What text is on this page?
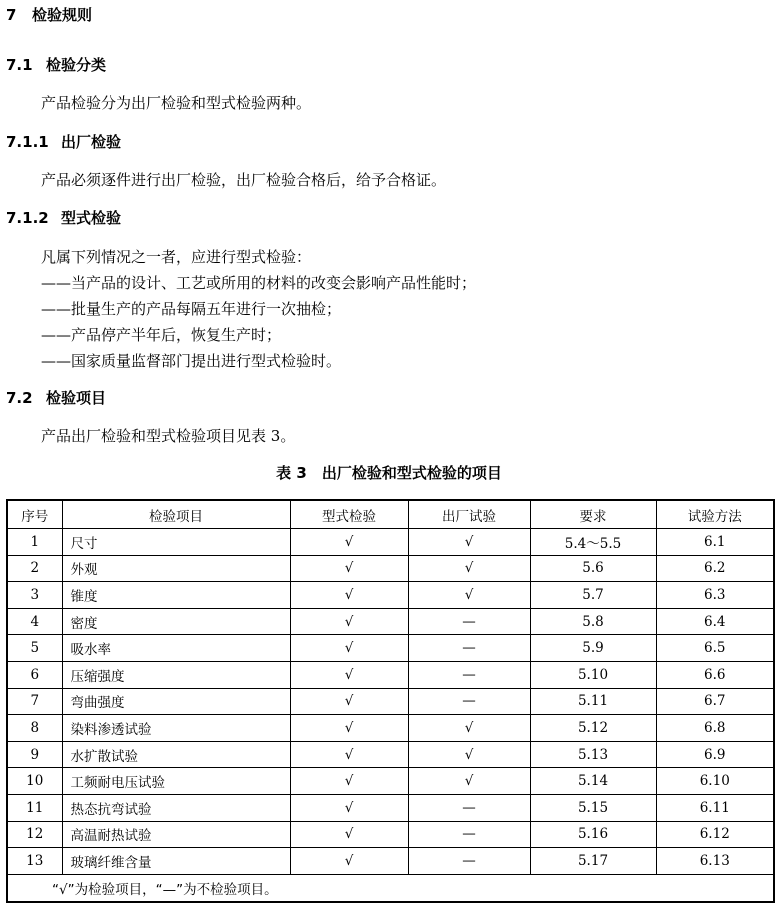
7 检验规则
7.1 检验分类
产品检验分为出厂检验和型式检验两种。
7.1.1 出厂检验
产品必须逐件进行出厂检验，出厂检验合格后，给予合格证。
7.1.2 型式检验
凡属下列情况之一者，应进行型式检验：
——当产品的设计、工艺或所用的材料的改变会影响产品性能时；
——批量生产的产品每隔五年进行一次抽检；
——产品停产半年后，恢复生产时；
——国家质量监督部门提出进行型式检验时。
7.2 检验项目
产品出厂检验和型式检验项目见表 3。
表 3　出厂检验和型式检验的项目
序号	检验项目	型式检验	出厂试验	要求	试验方法
1	尺寸	√	√	5.4～5.5	6.1
2	外观	√	√	5.6	6.2
3	锥度	√	√	5.7	6.3
4	密度	√	—	5.8	6.4
5	吸水率	√	—	5.9	6.5
6	压缩强度	√	—	5.10	6.6
7	弯曲强度	√	—	5.11	6.7
8	染料渗透试验	√	√	5.12	6.8
9	水扩散试验	√	√	5.13	6.9
10	工频耐电压试验	√	√	5.14	6.10
11	热态抗弯试验	√	—	5.15	6.11
12	高温耐热试验	√	—	5.16	6.12
13	玻璃纤维含量	√	—	5.17	6.13
“√”为检验项目，“—”为不检验项目。					
